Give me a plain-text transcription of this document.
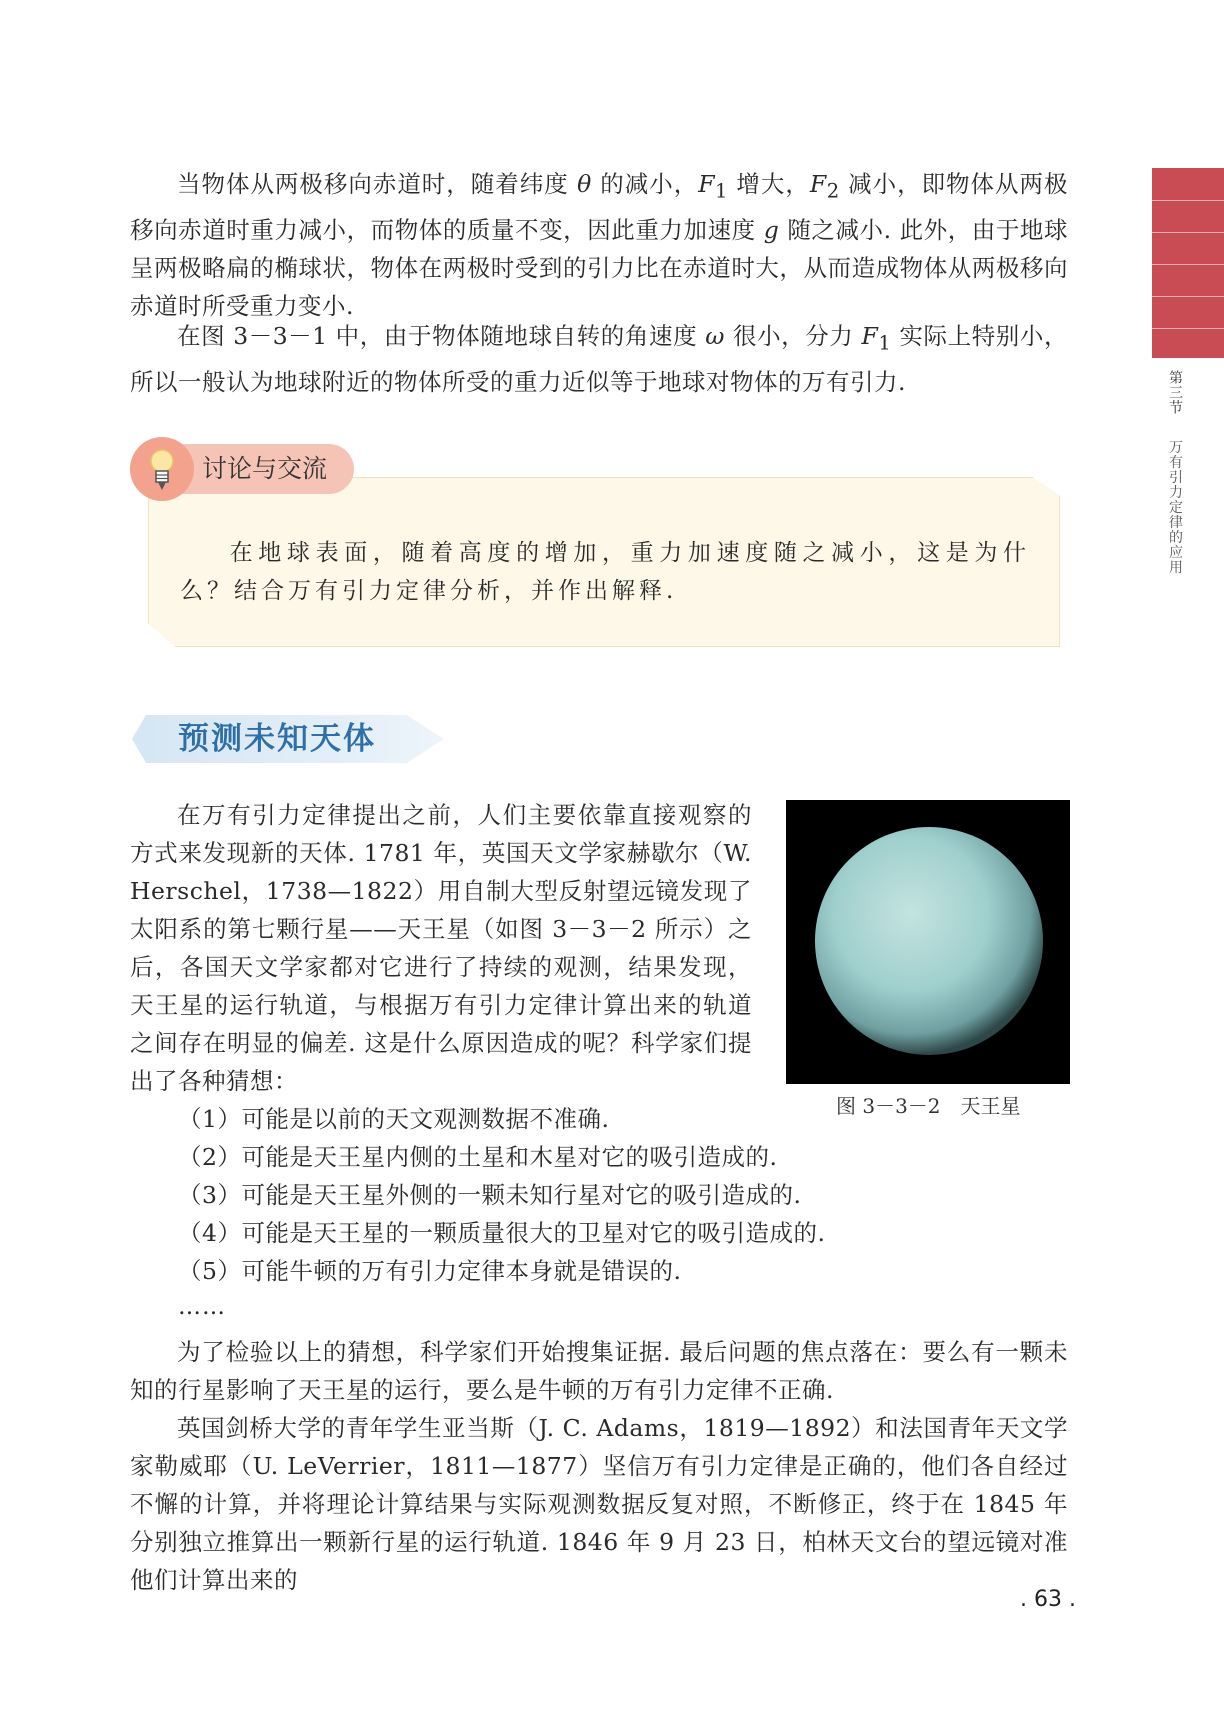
第三节  万有引力定律的应用

当物体从两极移向赤道时，随着纬度 θ 的减小，$F_1$ 增大，$F_2$ 减小，即物体从两极移向赤道时重力减小，而物体的质量不变，因此重力加速度 g 随之减小. 此外，由于地球呈两极略扁的椭球状，物体在两极时受到的引力比在赤道时大，从而造成物体从两极移向赤道时所受重力变小.

在图 3－3－1 中，由于物体随地球自转的角速度 ω 很小，分力 $F_1$ 实际上特别小，所以一般认为地球附近的物体所受的重力近似等于地球对物体的万有引力.

讨论与交流

在地球表面，随着高度的增加，重力加速度随之减小，这是为什么？结合万有引力定律分析，并作出解释.

预测未知天体

在万有引力定律提出之前，人们主要依靠直接观察的方式来发现新的天体. 1781 年，英国天文学家赫歇尔（W. Herschel，1738—1822）用自制大型反射望远镜发现了太阳系的第七颗行星——天王星（如图 3－3－2 所示）之后，各国天文学家都对它进行了持续的观测，结果发现，天王星的运行轨道，与根据万有引力定律计算出来的轨道之间存在明显的偏差. 这是什么原因造成的呢？科学家们提出了各种猜想：

图 3－3－2　天王星
（1）可能是以前的天文观测数据不准确.
（2）可能是天王星内侧的土星和木星对它的吸引造成的.
（3）可能是天王星外侧的一颗未知行星对它的吸引造成的.
（4）可能是天王星的一颗质量很大的卫星对它的吸引造成的.
（5）可能牛顿的万有引力定律本身就是错误的.
……

为了检验以上的猜想，科学家们开始搜集证据. 最后问题的焦点落在：要么有一颗未知的行星影响了天王星的运行，要么是牛顿的万有引力定律不正确.

英国剑桥大学的青年学生亚当斯（J. C. Adams，1819—1892）和法国青年天文学家勒威耶（U. LeVerrier，1811—1877）坚信万有引力定律是正确的，他们各自经过不懈的计算，并将理论计算结果与实际观测数据反复对照，不断修正，终于在 1845 年分别独立推算出一颗新行星的运行轨道. 1846 年 9 月 23 日，柏林天文台的望远镜对准他们计算出来的

. 63 .
